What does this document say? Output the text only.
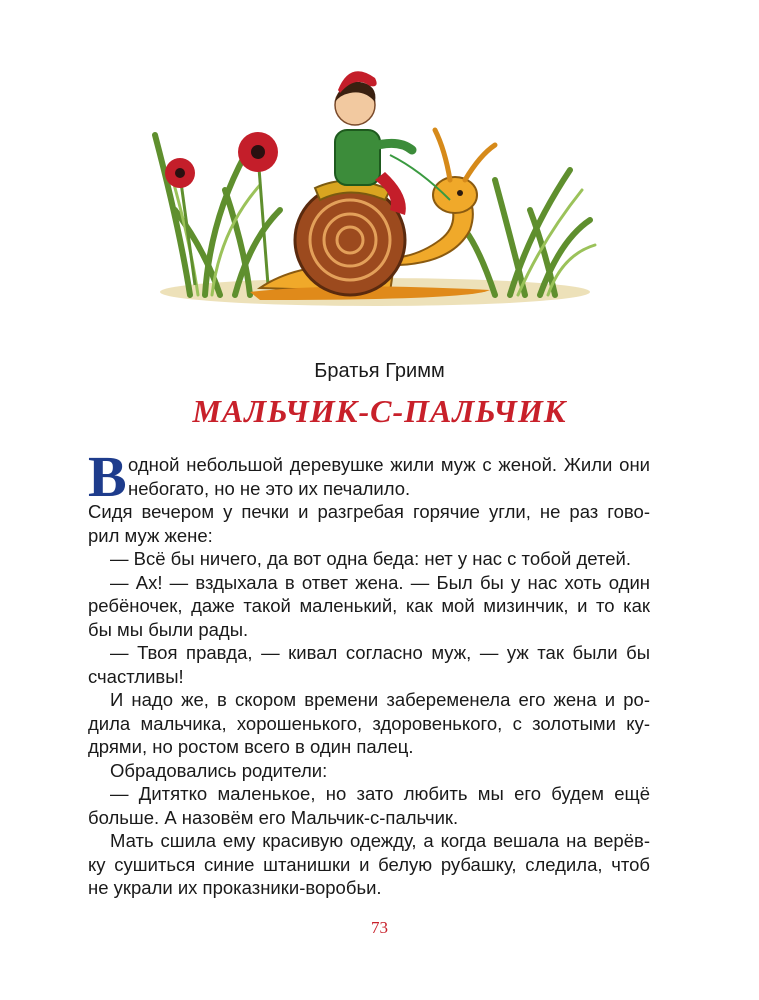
Братья Гримм
МАЛЬЧИК-С-ПАЛЬЧИК
В одной небольшой деревушке жили муж с женой. Жили они
небогато, но не это их печалило.
Сидя вечером у печки и разгребая горячие угли, не раз гово-
рил муж жене:
— Всё бы ничего, да вот одна беда: нет у нас с тобой детей.
— Ах! — вздыхала в ответ жена. — Был бы у нас хоть один
ребёночек, даже такой маленький, как мой мизинчик, и то как
бы мы были рады.
— Твоя правда, — кивал согласно муж, — уж так были бы
счастливы!
И надо же, в скором времени забеременела его жена и ро-
дила мальчика, хорошенького, здоровенького, с золотыми ку-
дрями, но ростом всего в один палец.
Обрадовались родители:
— Дитятко маленькое, но зато любить мы его будем ещё
больше. А назовём его Мальчик-с-пальчик.
Мать сшила ему красивую одежду, а когда вешала на верёв-
ку сушиться синие штанишки и белую рубашку, следила, чтоб
не украли их проказники-воробьи.
73
